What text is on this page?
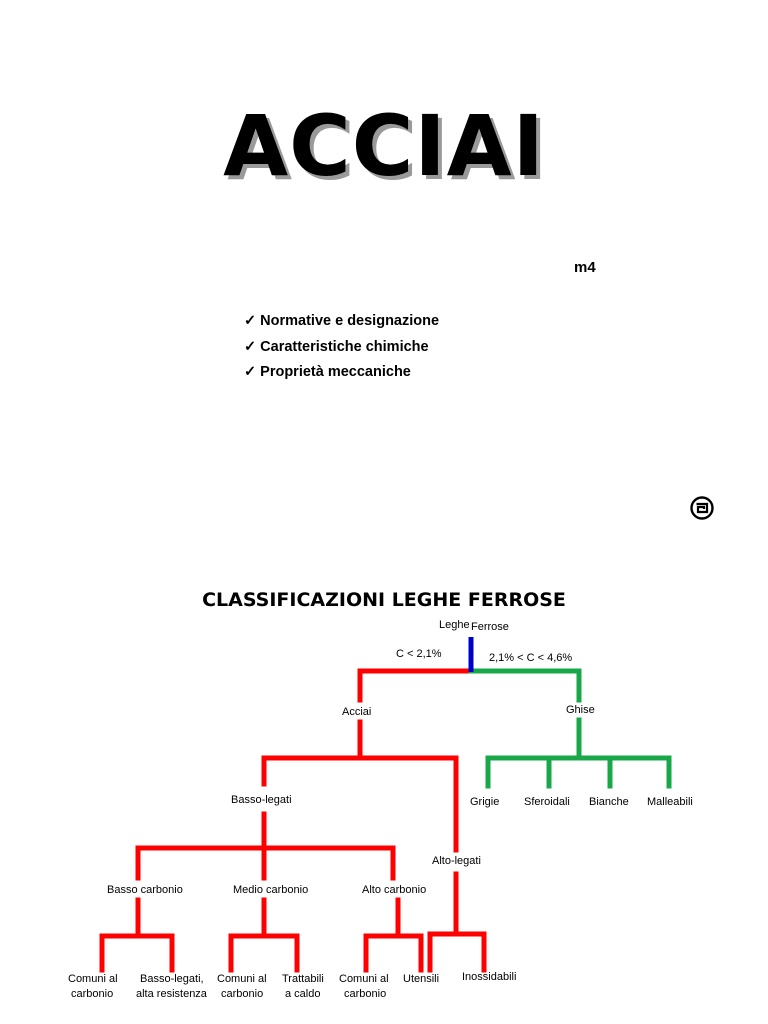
ACCIAI
m4
✓ Normative e designazione
✓ Caratteristiche chimiche
✓ Proprietà meccaniche
CLASSIFICAZIONI LEGHE FERROSE
Leghe Ferrose
C < 2,1%	2,1% < C < 4,6%
Acciai	Ghise
Grigie Sferoidali Bianche Malleabili
Basso-legati
Alto-legati
Basso carbonio	Medio carbonio	Alto carbonio
Comuni al
carbonio
Basso-legati,
alta resistenza
Comuni al
carbonio
Trattabili
a caldo
Comuni al
carbonio
Utensili Inossidabili
